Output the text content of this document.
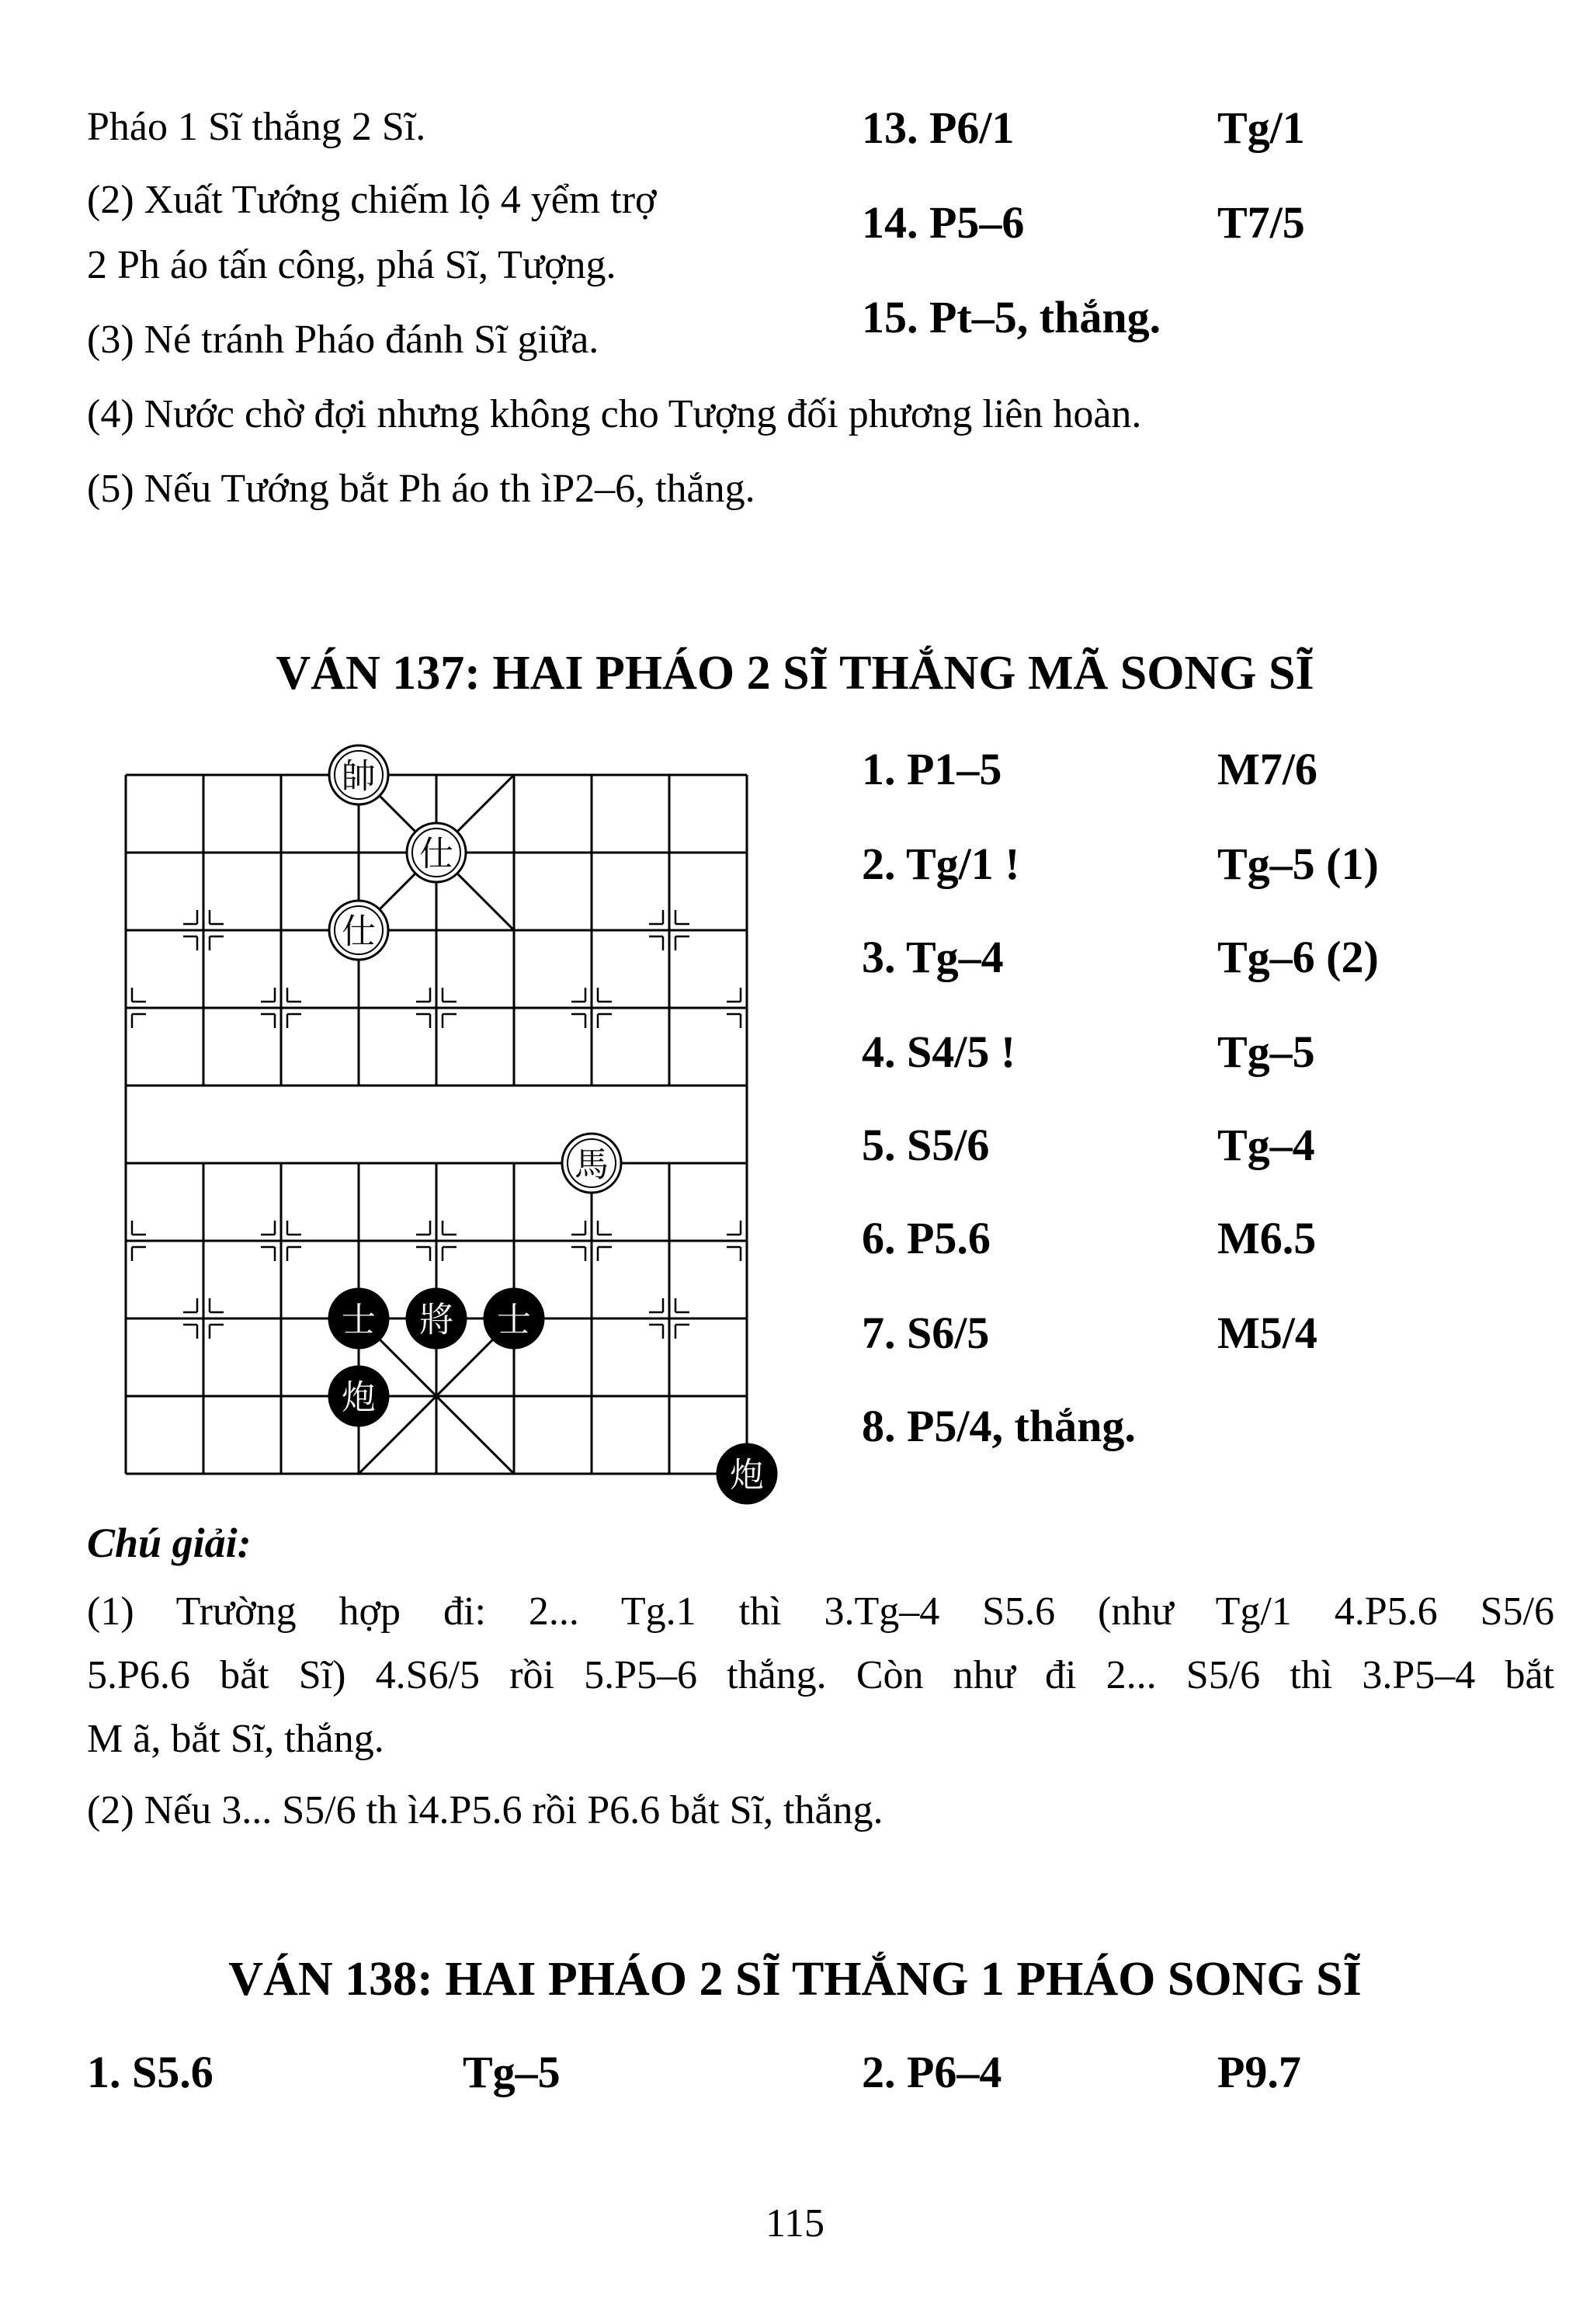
Pháo 1 Sĩ thắng 2 Sĩ.
(2) Xuất Tướng chiếm lộ 4 yểm trợ
2 Ph áo tấn công, phá Sĩ, Tượng.
(3) Né tránh Pháo đánh Sĩ giữa.
(4) Nước chờ đợi nhưng không cho Tượng đối phương liên hoàn.
(5) Nếu Tướng bắt Ph áo th ìP2–6, thắng.
13. P6/1	Tg/1
14. P5–6	T7/5
15. Pt–5, thắng.
VÁN 137: HAI PHÁO 2 SĨ THẮNG MÃ SONG SĨ
帥
仕
仕
馬
士 將 士
炮
炮
1. P1–5	M7/6
2. Tg/1 !	Tg–5 (1)
3. Tg–4	Tg–6 (2)
4. S4/5 !	Tg–5
5. S5/6	Tg–4
6. P5.6	M6.5
7. S6/5	M5/4
8. P5/4, thắng.
Chú giải:
(1) Trường hợp đi: 2... Tg.1 thì 3.Tg–4 S5.6 (như Tg/1 4.P5.6 S5/6
5.P6.6 bắt Sĩ) 4.S6/5 rồi 5.P5–6 thắng. Còn như đi 2... S5/6 thì 3.P5–4 bắt
M ã, bắt Sĩ, thắng.
(2) Nếu 3... S5/6 th ì4.P5.6 rồi P6.6 bắt Sĩ, thắng.
VÁN 138: HAI PHÁO 2 SĨ THẮNG 1 PHÁO SONG SĨ
1. S5.6	Tg–5	2. P6–4	P9.7
115
